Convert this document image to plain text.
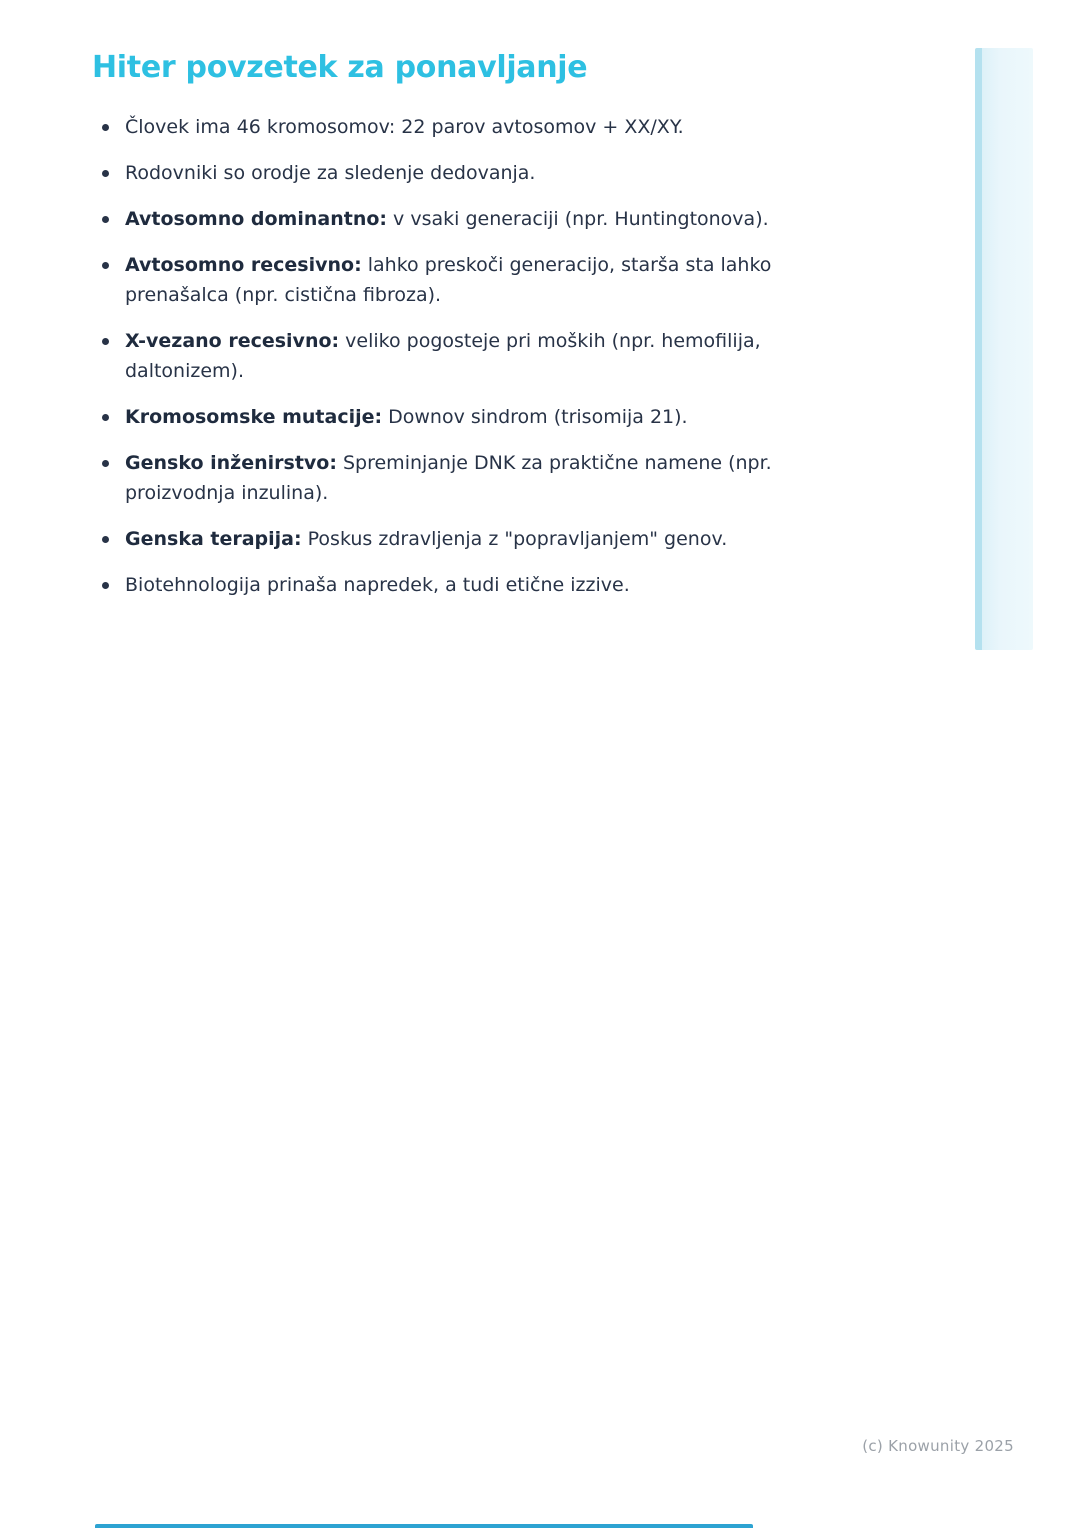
Hiter povzetek za ponavljanje
Človek ima 46 kromosomov: 22 parov avtosomov + XX/XY.
Rodovniki so orodje za sledenje dedovanja.
Avtosomno dominantno: v vsaki generaciji (npr. Huntingtonova).
Avtosomno recesivno: lahko preskoči generacijo, starša sta lahko prenašalca (npr. cistična fibroza).
X-vezano recesivno: veliko pogosteje pri moških (npr. hemofilija, daltonizem).
Kromosomske mutacije: Downov sindrom (trisomija 21).
Gensko inženirstvo: Spreminjanje DNK za praktične namene (npr. proizvodnja inzulina).
Genska terapija: Poskus zdravljenja z "popravljanjem" genov.
Biotehnologija prinaša napredek, a tudi etične izzive.
(c) Knowunity 2025
